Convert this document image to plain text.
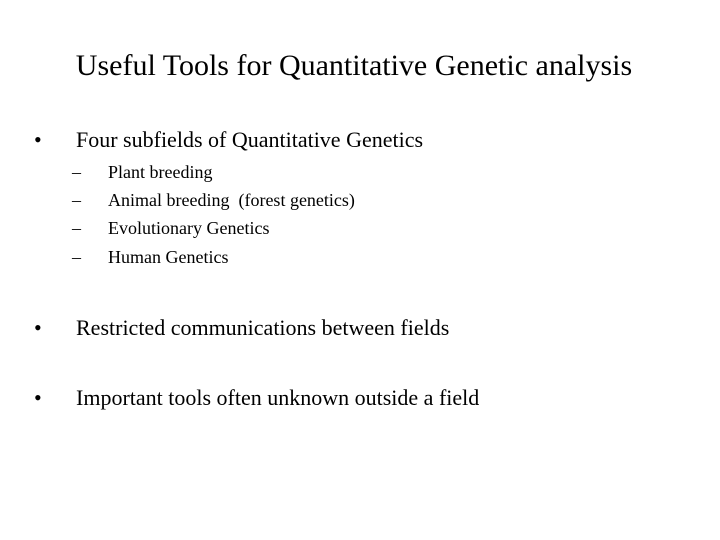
Useful Tools for Quantitative Genetic analysis
• Four subfields of Quantitative Genetics
– Plant breeding
– Animal breeding  (forest genetics)
– Evolutionary Genetics
– Human Genetics
• Restricted communications between fields
• Important tools often unknown outside a field
